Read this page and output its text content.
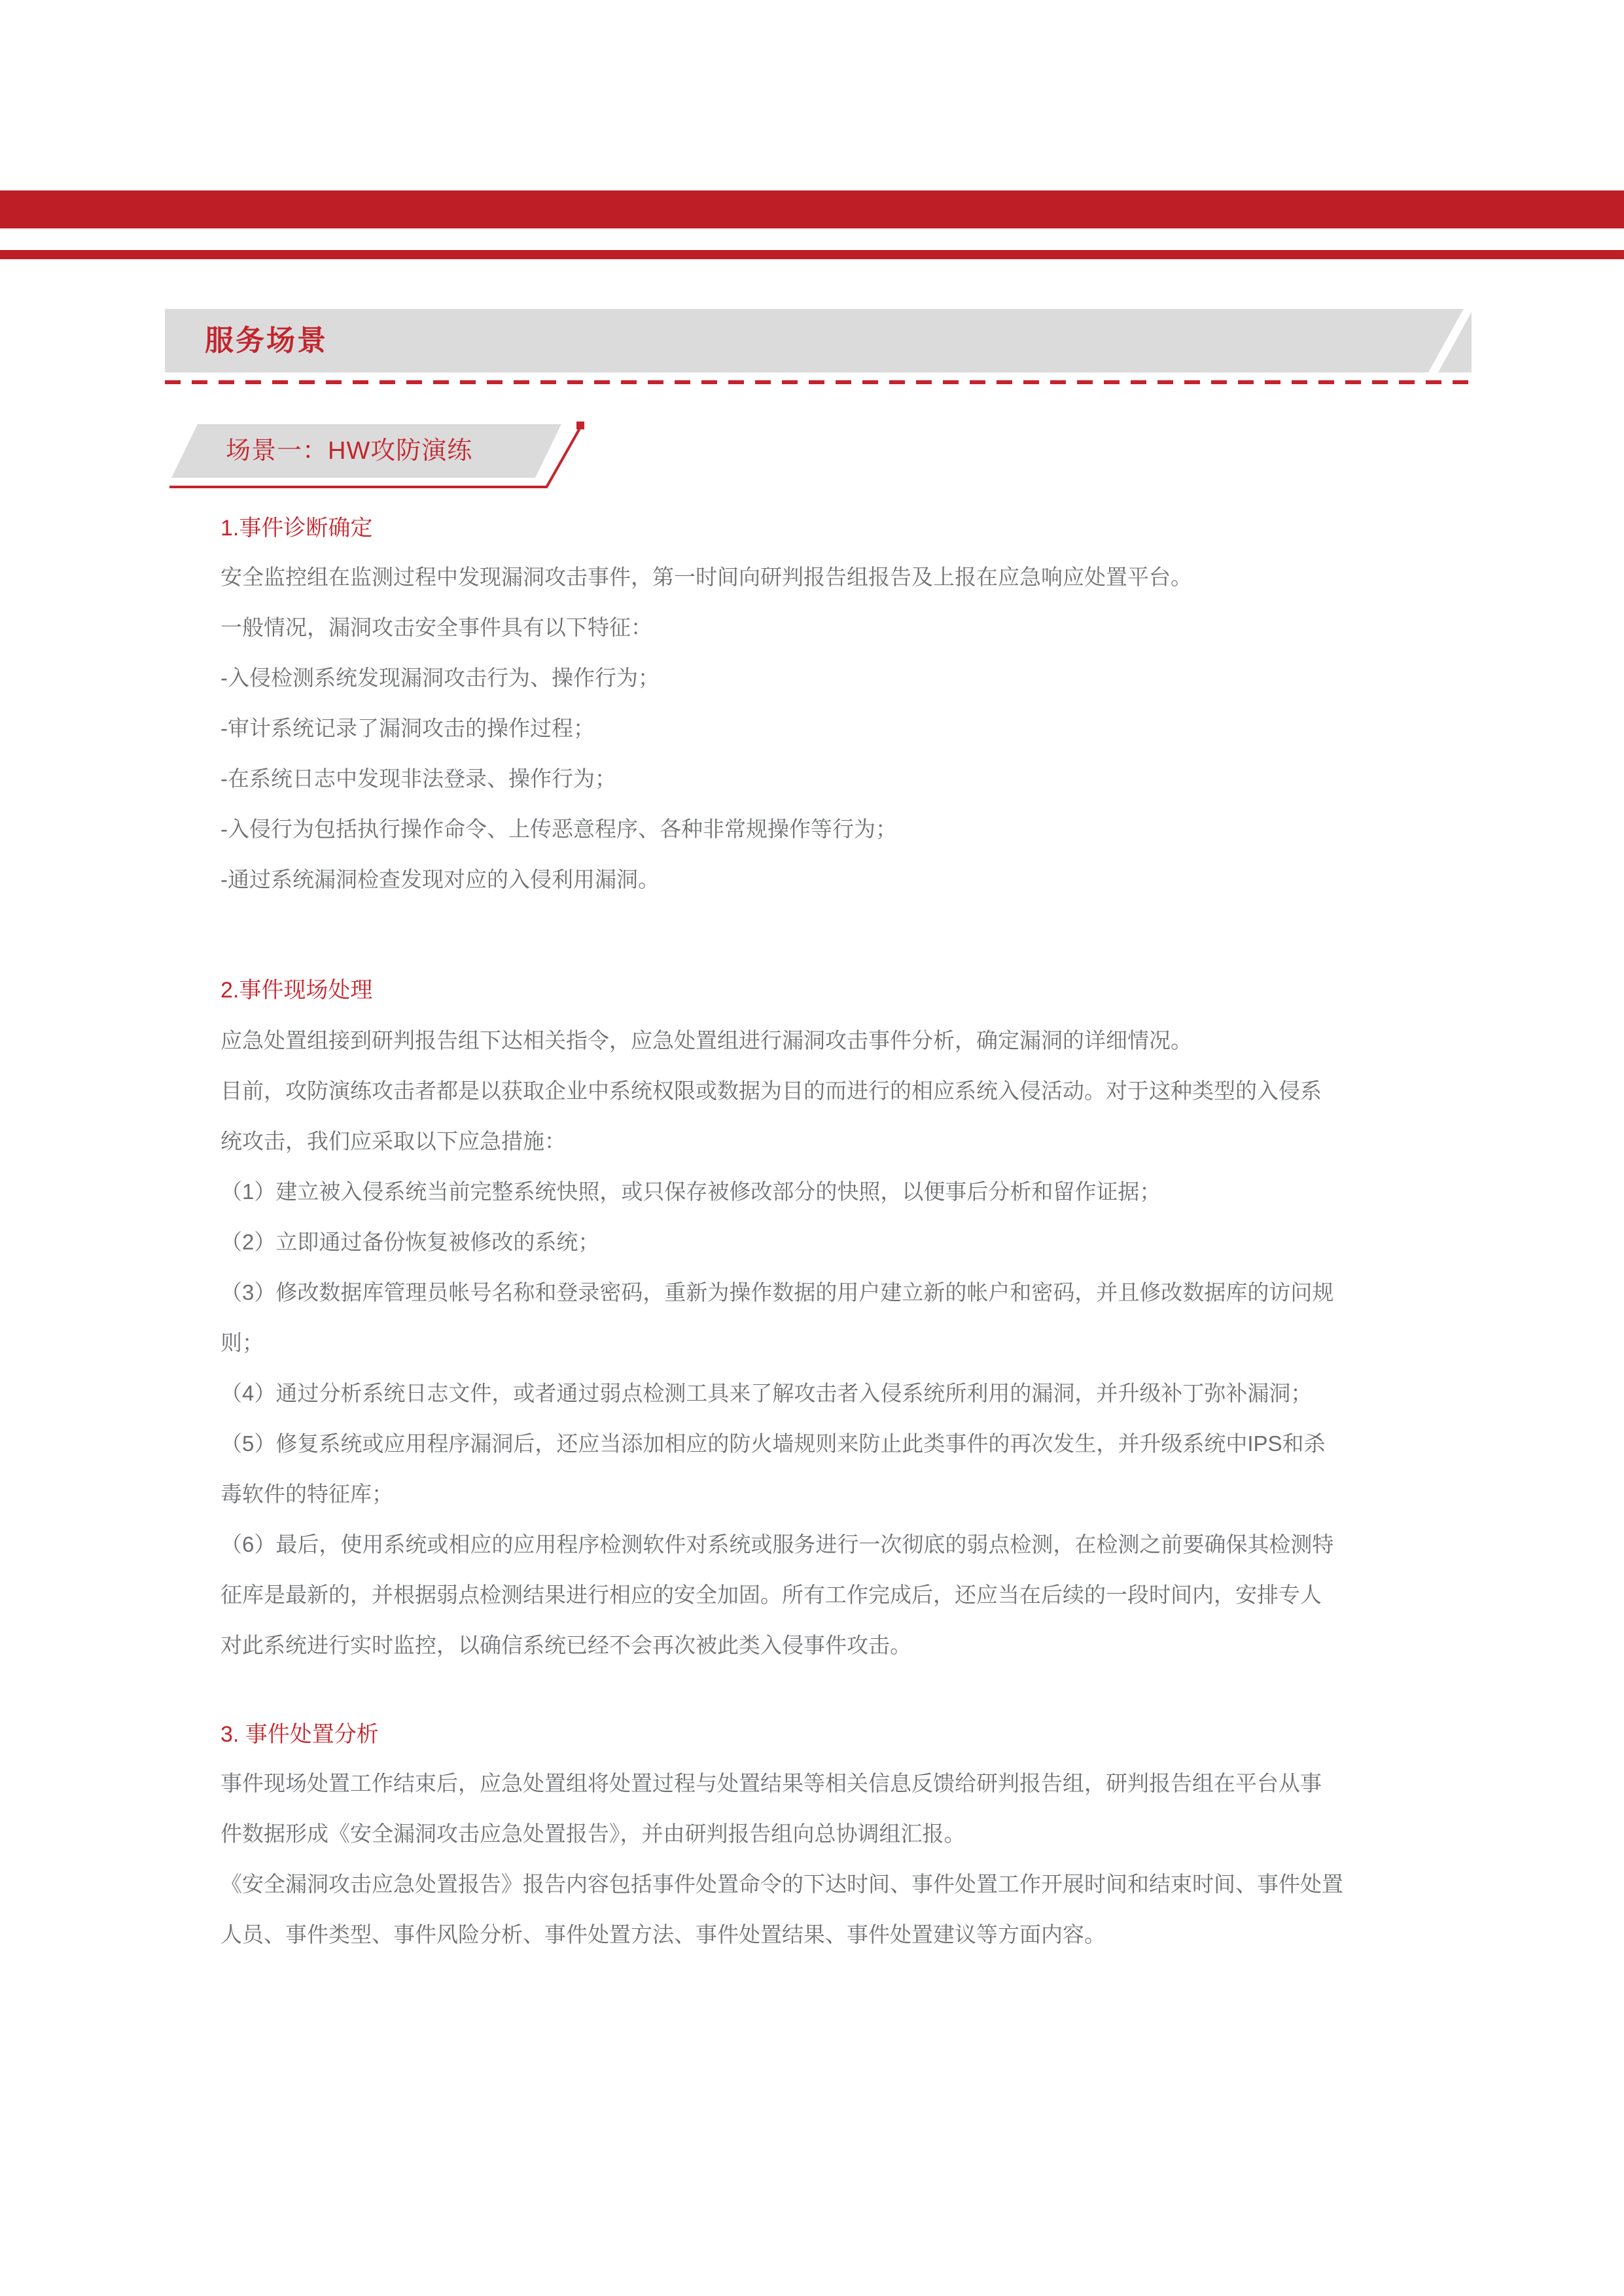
服务场景
场景一：HW攻防演练
1.事件诊断确定
安全监控组在监测过程中发现漏洞攻击事件，第一时间向研判报告组报告及上报在应急响应处置平台。
一般情况，漏洞攻击安全事件具有以下特征：
-入侵检测系统发现漏洞攻击行为、操作行为；
-审计系统记录了漏洞攻击的操作过程；
-在系统日志中发现非法登录、操作行为；
-入侵行为包括执行操作命令、上传恶意程序、各种非常规操作等行为；
-通过系统漏洞检查发现对应的入侵利用漏洞。
2.事件现场处理
应急处置组接到研判报告组下达相关指令，应急处置组进行漏洞攻击事件分析，确定漏洞的详细情况。
目前，攻防演练攻击者都是以获取企业中系统权限或数据为目的而进行的相应系统入侵活动。对于这种类型的入侵系
统攻击，我们应采取以下应急措施：
（1）建立被入侵系统当前完整系统快照，或只保存被修改部分的快照，以便事后分析和留作证据；
（2）立即通过备份恢复被修改的系统；
（3）修改数据库管理员帐号名称和登录密码，重新为操作数据的用户建立新的帐户和密码，并且修改数据库的访问规
则；
（4）通过分析系统日志文件，或者通过弱点检测工具来了解攻击者入侵系统所利用的漏洞，并升级补丁弥补漏洞；
（5）修复系统或应用程序漏洞后，还应当添加相应的防火墙规则来防止此类事件的再次发生，并升级系统中IPS和杀
毒软件的特征库；
（6）最后，使用系统或相应的应用程序检测软件对系统或服务进行一次彻底的弱点检测，在检测之前要确保其检测特
征库是最新的，并根据弱点检测结果进行相应的安全加固。所有工作完成后，还应当在后续的一段时间内，安排专人
对此系统进行实时监控，以确信系统已经不会再次被此类入侵事件攻击。
3. 事件处置分析
事件现场处置工作结束后，应急处置组将处置过程与处置结果等相关信息反馈给研判报告组，研判报告组在平台从事
件数据形成《安全漏洞攻击应急处置报告》，并由研判报告组向总协调组汇报。
《安全漏洞攻击应急处置报告》报告内容包括事件处置命令的下达时间、事件处置工作开展时间和结束时间、事件处置
人员、事件类型、事件风险分析、事件处置方法、事件处置结果、事件处置建议等方面内容。
